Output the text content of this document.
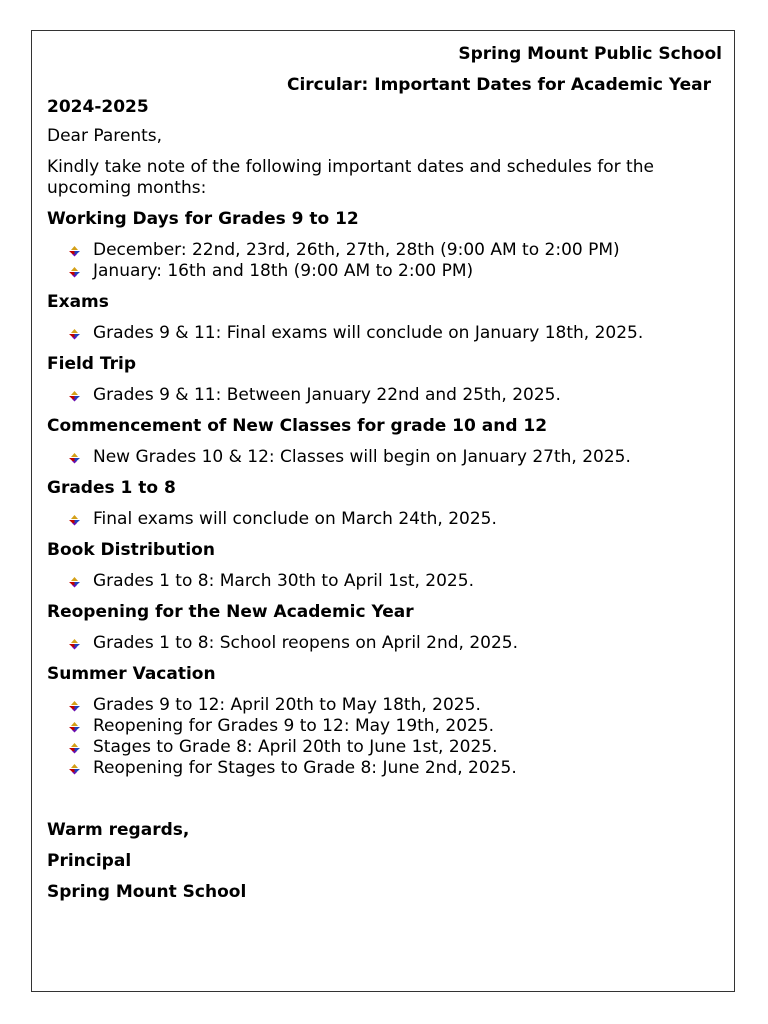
Spring Mount Public School
Circular: Important Dates for Academic Year
2024-2025

Dear Parents,

Kindly take note of the following important dates and schedules for the upcoming months:

Working Days for Grades 9 to 12
December: 22nd, 23rd, 26th, 27th, 28th (9:00 AM to 2:00 PM)
January: 16th and 18th (9:00 AM to 2:00 PM)
Exams
Grades 9 & 11: Final exams will conclude on January 18th, 2025.
Field Trip
Grades 9 & 11: Between January 22nd and 25th, 2025.
Commencement of New Classes for grade 10 and 12
New Grades 10 & 12: Classes will begin on January 27th, 2025.
Grades 1 to 8
Final exams will conclude on March 24th, 2025.
Book Distribution
Grades 1 to 8: March 30th to April 1st, 2025.
Reopening for the New Academic Year
Grades 1 to 8: School reopens on April 2nd, 2025.
Summer Vacation
Grades 9 to 12: April 20th to May 18th, 2025.
Reopening for Grades 9 to 12: May 19th, 2025.
Stages to Grade 8: April 20th to June 1st, 2025.
Reopening for Stages to Grade 8: June 2nd, 2025.
Warm regards,
Principal
Spring Mount School
